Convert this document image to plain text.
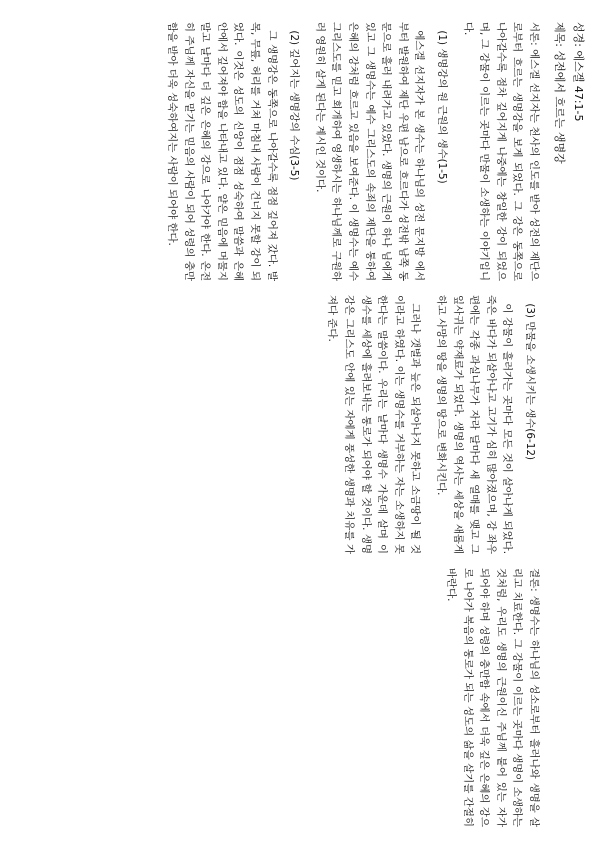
성경: 에스겔 47:1-5
제목: 성전에서 흐르는 생명강

서론: 에스겔 선지자는 천사의 인도를 받아 성전의 제단으로부터 흐르는 생명강을 보게 되었다. 그 강은 동쪽으로 나아갈수록 점차 깊어지게 나중에는 창일한 강이 되었으며, 그 강물이 이르는 곳마다 만물이 소생하는 이야기입니다.

(1) 생명강의 원 근원의 생수(1-5)

에스겔 선지자가 본 생수는 하나님의 성전 문지방 에서부터 발원하여 제단 우편 남으로 흐르다가 성전밖 남쪽 동문으로 흘러 내려가고 있었다. 생명의 근원이 하나 님에게 있고 그 생명수는 예수 그리스도의 속죄의 제단을 통하여 은혜의 강처럼 흐르고 있음을 보여준다. 이 생명수는 예수 그리스도를 믿고 회개하여 영생하시는 하나님께로 구원하러 영원히 살게 된다는 계시인 것이다.

(2) 깊어지는 생명강의 수심(3-5)

그 생명강은 동쪽으로 나아갈수록 점점 깊어져 갔다. 발목, 무릎, 허리를 거쳐 마침내 사람이 건너지 못할 강이 되었다. 이것은 성도의 신앙이 점점 성숙하여 말씀과 은혜 안에서 깊어져야 함을 나타내고 있다. 얕은 믿음에 머물지 말고 날마다 더 깊은 은혜의 강으로 나아가야 한다. 온전히 주님께 자신을 맡기는 믿음의 사람이 되어 성령의 충만함을 받아 더욱 성숙하여지는 사람이 되어야 한다.

(3) 만물을 소생시키는 생수(6-12)

이 강물이 흘러가는 곳마다 모든 것이 살아나게 되었다. 죽은 바다가 되살아나고 고기가 심히 많아졌으며, 강 좌우편에는 각종 과실나무가 자라 달마다 새 열매를 맺고 그 잎사귀는 약재료가 되었다. 생명의 역사는 세상을 새롭게 하고 사망의 땅을 생명의 땅으로 변화시킨다.

그러나 갯벌과 늪은 되살아나지 못하고 소금땅이 될 것이라고 하였다. 이는 생명수를 거부하는 자는 소생하지 못한다는 말씀이다. 우리는 날마다 생명수 가운데 살며 이 생수를 세상에 흘려보내는 통로가 되어야 할 것이다. 생명강은 그리스도 안에 있는 자에게 풍성한 생명과 치유를 가져다 준다.

결론: 생명수는 하나님의 성소로부터 흘러나와 생명을 살리고 치료한다. 그 강물이 이르는 곳마다 생명이 소생하는 것처럼, 우리도 생명의 근원이신 주님께 붙어 있는 자가 되어야 하며 성령의 충만함 속에서 더욱 깊은 은혜의 강으로 나아가 복음의 통로가 되는 성도의 삶을 살기를 간절히 바란다.
